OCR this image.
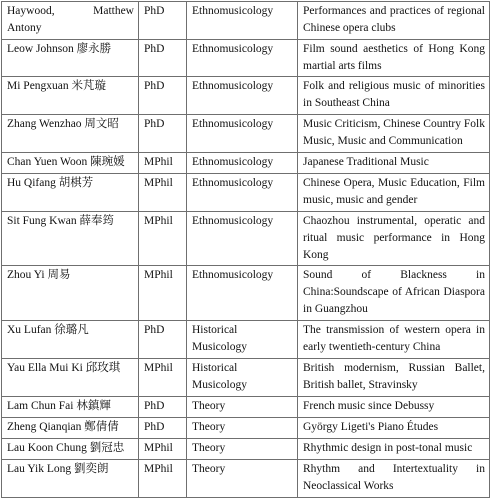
Haywood, Matthew
Antony	PhD	Ethnomusicology	Performances and practices of regional Chinese opera clubs
Leow Johnson 廖永勝	PhD	Ethnomusicology	Film sound aesthetics of Hong Kong martial arts films
Mi Pengxuan 米芃璇	PhD	Ethnomusicology	Folk and religious music of minorities in Southeast China
Zhang Wenzhao 周文昭	PhD	Ethnomusicology	Music Criticism, Chinese Country Folk Music, Music and Communication
Chan Yuen Woon 陳琬媛	MPhil	Ethnomusicology	Japanese Traditional Music
Hu Qifang 胡棋芳	MPhil	Ethnomusicology	Chinese Opera, Music Education, Film music, music and gender
Sit Fung Kwan 薛奉筠	MPhil	Ethnomusicology	Chaozhou instrumental, operatic and ritual music performance in Hong Kong
Zhou Yi 周易	MPhil	Ethnomusicology	Sound of Blackness in China:Soundscape of African Diaspora in Guangzhou
Xu Lufan 徐璐凡	PhD	Historical Musicology	The transmission of western opera in early twentieth-century China
Yau Ella Mui Ki 邱玫琪	MPhil	Historical Musicology	British modernism, Russian Ballet, British ballet, Stravinsky
Lam Chun Fai 林鎮輝	PhD	Theory	French music since Debussy
Zheng Qianqian 鄭倩倩	PhD	Theory	György Ligeti's Piano Études
Lau Koon Chung 劉冠忠	MPhil	Theory	Rhythmic design in post-tonal music
Lau Yik Long 劉奕朗	MPhil	Theory	Rhythm and Intertextuality in Neoclassical Works
